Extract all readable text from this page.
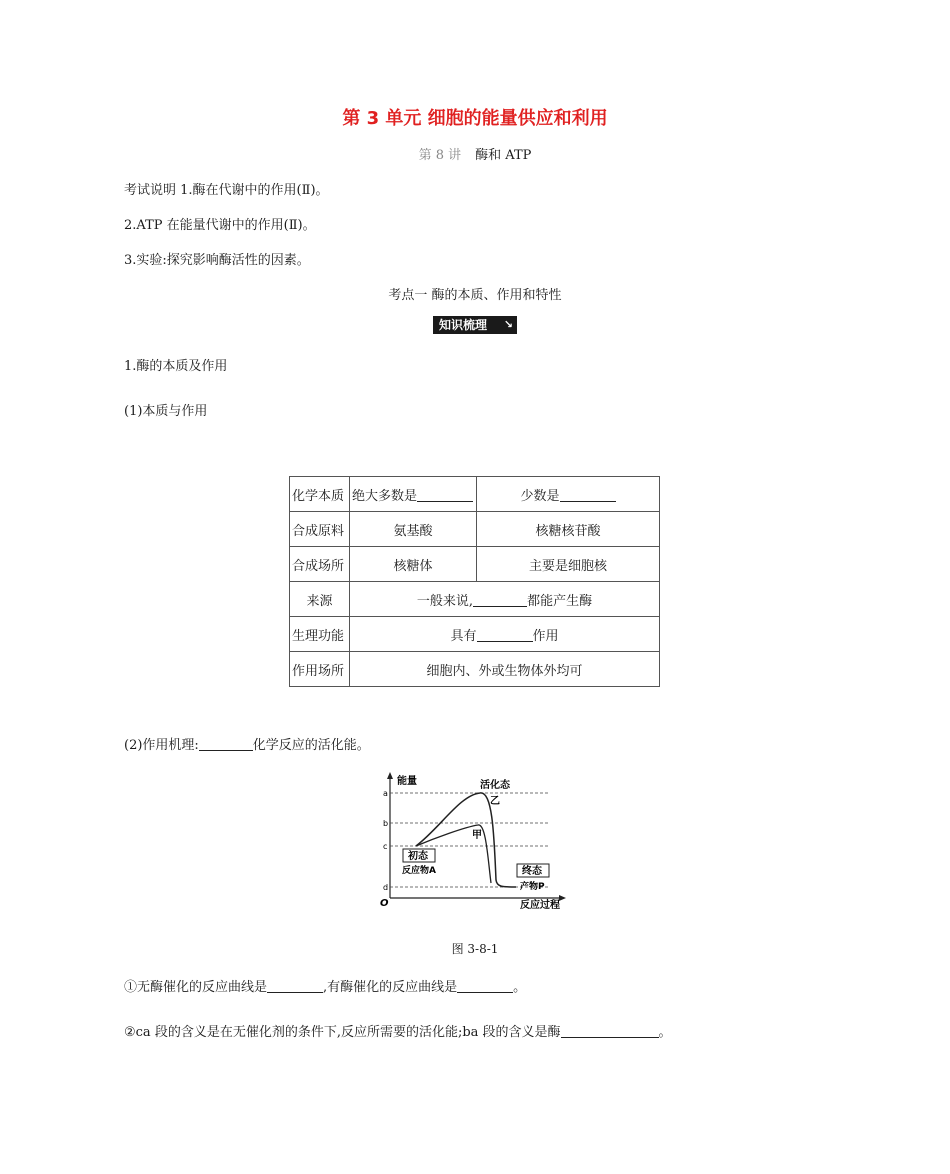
第 3 单元 细胞的能量供应和利用
第 8 讲 酶和 ATP
考试说明 1.酶在代谢中的作用(Ⅱ)。
2.ATP 在能量代谢中的作用(Ⅱ)。
3.实验:探究影响酶活性的因素。
考点一 酶的本质、作用和特性
知识梳理 ↘
1.酶的本质及作用
(1)本质与作用
化学本质	绝大多数是	少数是
合成原料	氨基酸	核糖核苷酸
合成场所	核糖体	主要是细胞核
来源	一般来说, 都能产生酶	
生理功能	具有 作用	
作用场所	细胞内、外或生物体外均可	
(2)作用机理:	化学反应的活化能。
能量
a
b
c
d
O
活化态
乙
甲
初态
反应物A	终态
产物P
反应过程
图 3-8-1
①无酶催化的反应曲线是	,有酶催化的反应曲线是	。
②ca 段的含义是在无催化剂的条件下,反应所需要的活化能;ba 段的含义是酶	。
